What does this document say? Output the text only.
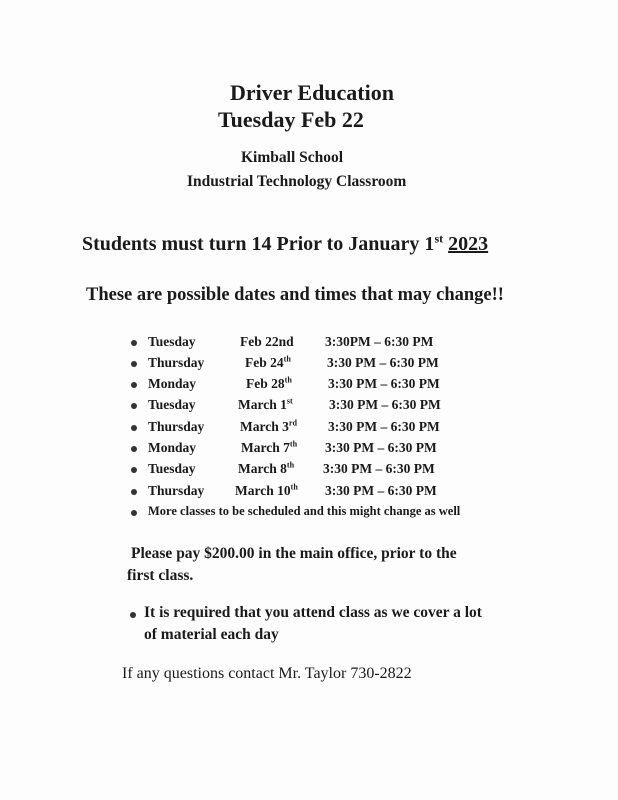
Driver Education
Tuesday Feb 22
Kimball School
Industrial Technology Classroom
Students must turn 14 Prior to January 1st 2023
These are possible dates and times that may change!!
Tuesday	Feb 22nd 3:30PM – 6:30 PM
Thursday	Feb 24th	3:30 PM – 6:30 PM
Monday	Feb 28th	3:30 PM – 6:30 PM
Tuesday	March 1st	3:30 PM – 6:30 PM
Thursday	March 3rd 3:30 PM – 6:30 PM
Monday	March 7th 3:30 PM – 6:30 PM
Tuesday	March 8th 3:30 PM – 6:30 PM
Thursday March 10th 3:30 PM – 6:30 PM
More classes to be scheduled and this might change as well
Please pay $200.00 in the main office, prior to the
first class.
It is required that you attend class as we cover a lot
of material each day
If any questions contact Mr. Taylor 730-2822
